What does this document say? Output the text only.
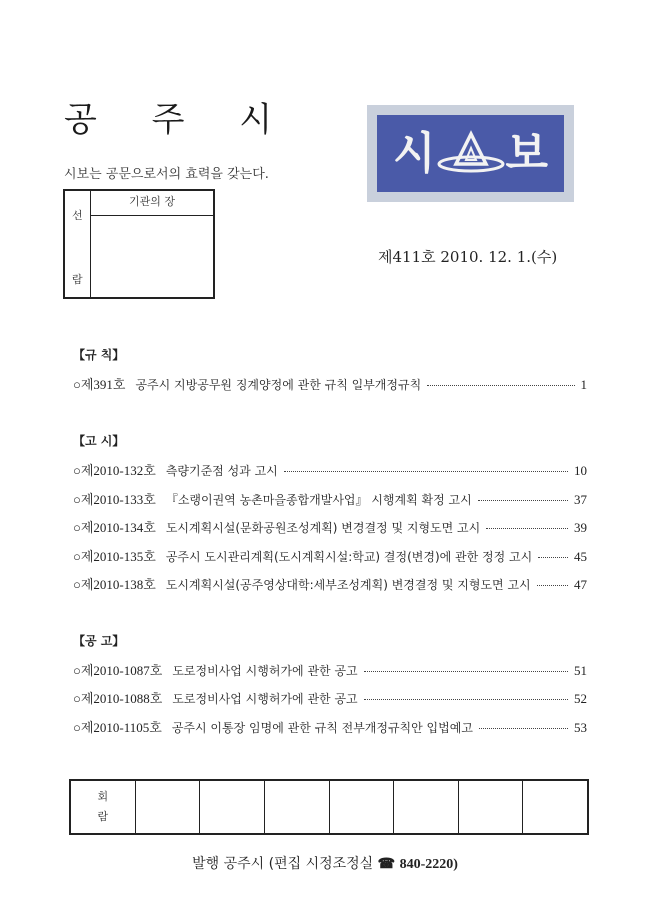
공 주 시
시보는 공문으로서의 효력을 갖는다.
선
람
기관의 장
시 보
제411호 2010. 12. 1.(수)
【규 칙】
○제391호 공주시 지방공무원 징계양정에 관한 규칙 일부개정규칙	1
【고 시】
○제2010-132호 측량기준점 성과 고시	10
○제2010-133호 『소랭이권역 농촌마을종합개발사업』 시행계획 확정 고시	37
○제2010-134호 도시계획시설(문화공원조성계획) 변경결정 및 지형도면 고시	39
○제2010-135호 공주시 도시관리계획(도시계획시설:학교) 결정(변경)에 관한 정정 고시	45
○제2010-138호 도시계획시설(공주영상대학:세부조성계획) 변경결정 및 지형도면 고시	47
【공 고】
○제2010-1087호 도로정비사업 시행허가에 관한 공고	51
○제2010-1088호 도로정비사업 시행허가에 관한 공고	52
○제2010-1105호 공주시 이통장 임명에 관한 규칙 전부개정규칙안 입법예고	53
회
람
발행 공주시 (편집 시정조정실 ☎ 840-2220)
